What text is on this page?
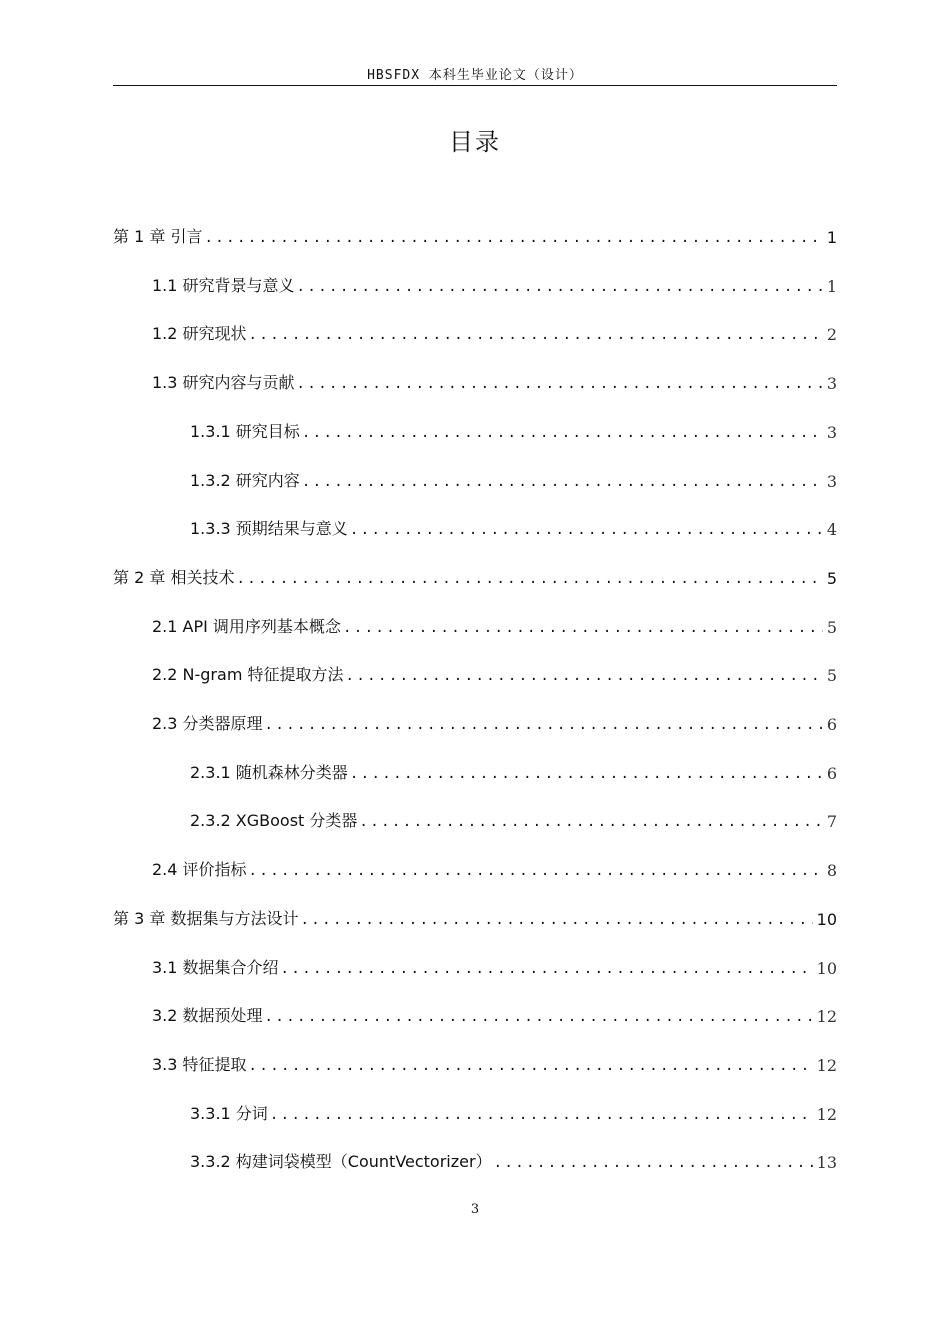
HBSFDX 本科生毕业论文（设计）
目录
第 1 章 引言 .....	1
1.1 研究背景与意义 .....	1
1.2 研究现状 .....	2
1.3 研究内容与贡献 .....	3
1.3.1 研究目标 .....	3
1.3.2 研究内容 .....	3
1.3.3 预期结果与意义 .....	4
第 2 章 相关技术 .....	5
2.1 API 调用序列基本概念 .....	5
2.2 N-gram 特征提取方法 .....	5
2.3 分类器原理 .....	6
2.3.1 随机森林分类器 .....	6
2.3.2 XGBoost 分类器 .....	7
2.4 评价指标 .....	8
第 3 章 数据集与方法设计 .....	10
3.1 数据集合介绍 .....	10
3.2 数据预处理 .....	12
3.3 特征提取 .....	12
3.3.1 分词 .....	12
3.3.2 构建词袋模型（CountVectorizer） .....	13
3
